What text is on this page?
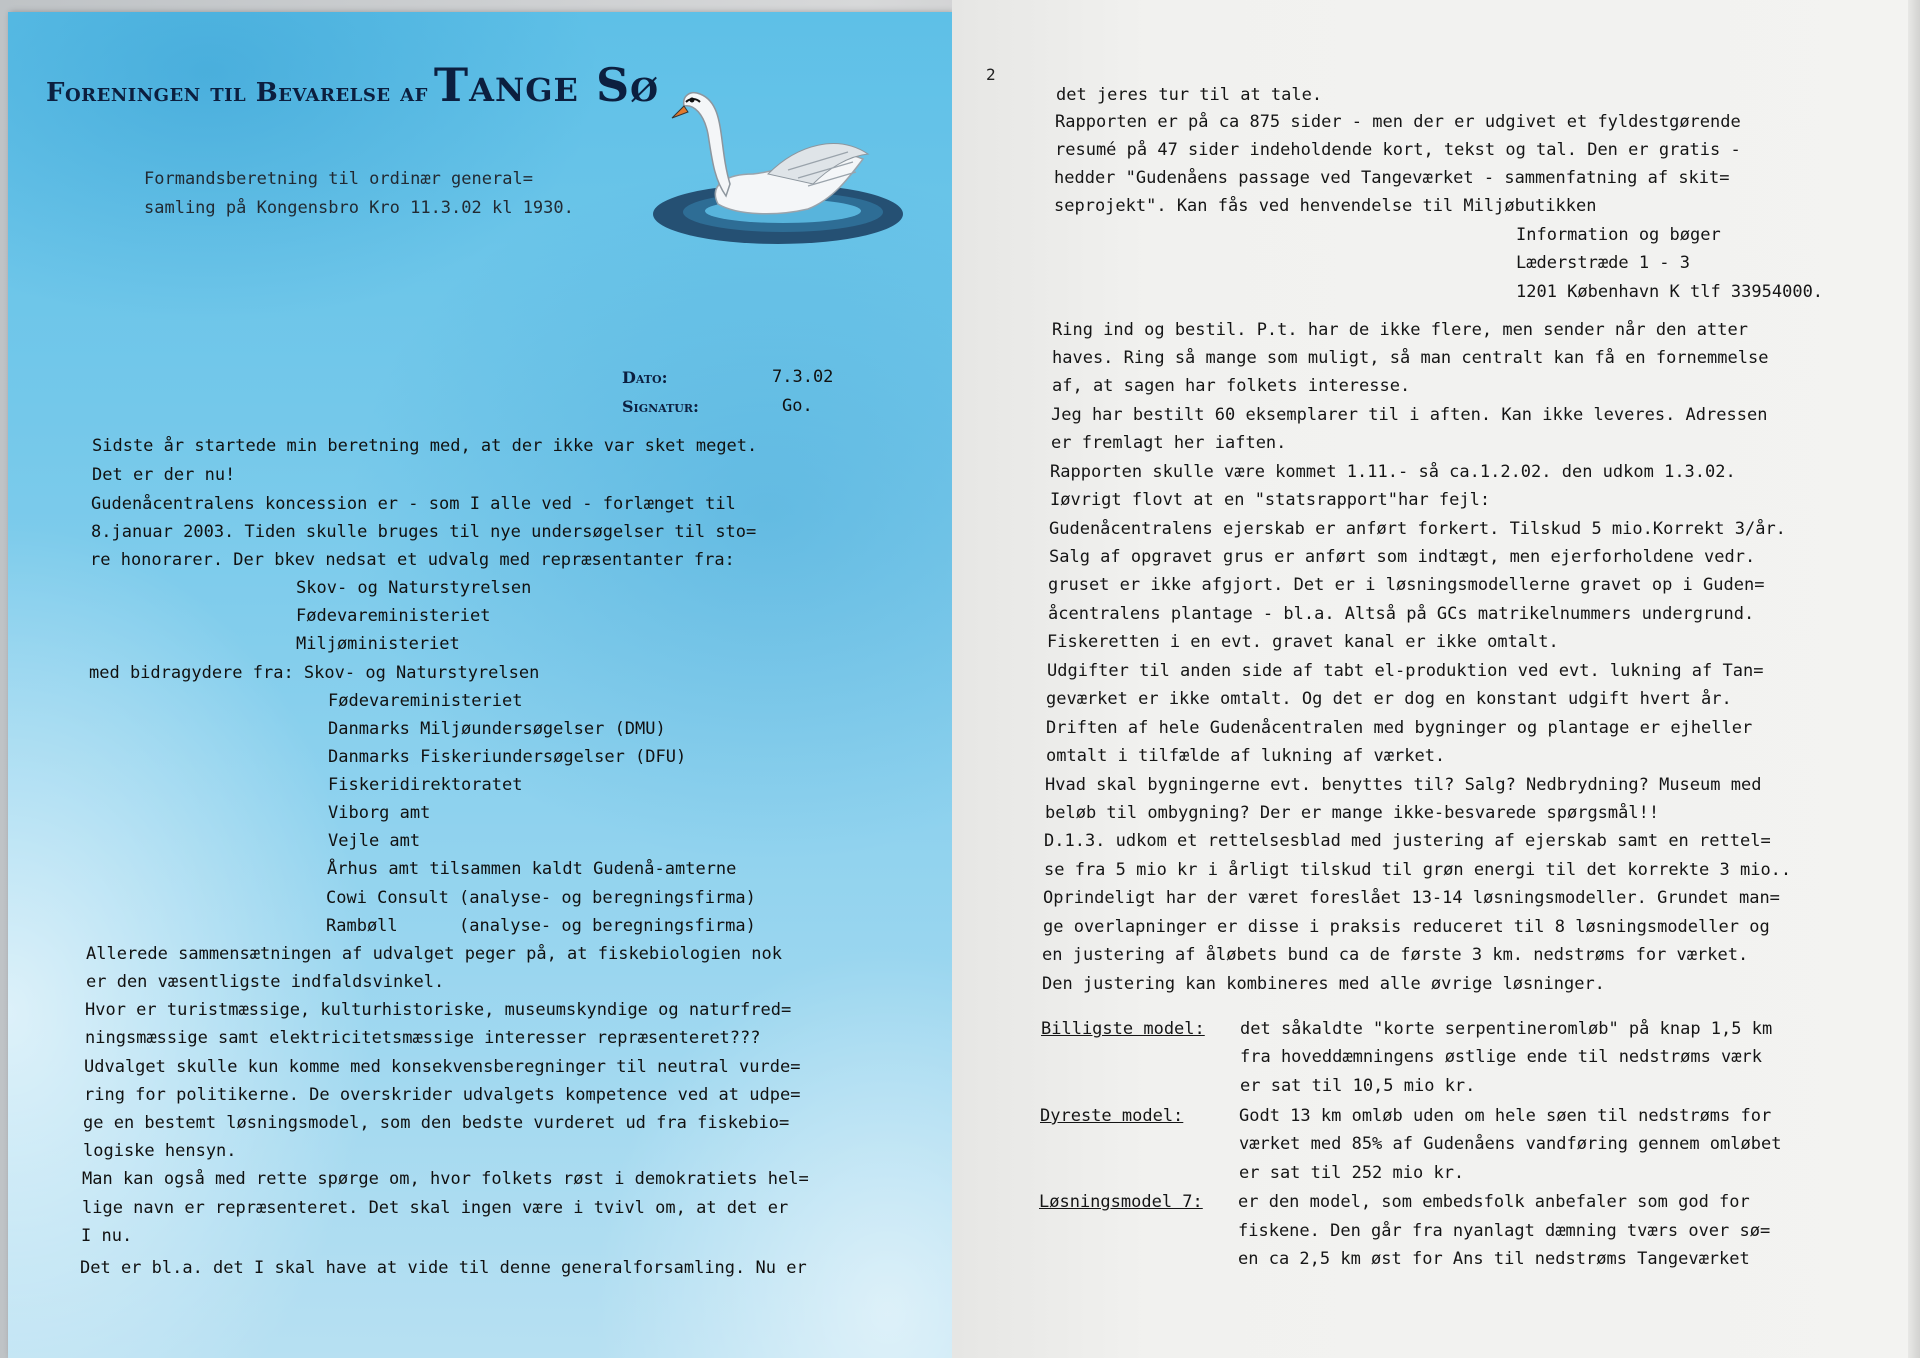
Foreningen til Bevarelse af Tange Sø
Formandsberetning til ordinær general=
samling på Kongensbro Kro 11.3.02 kl 1930.
Dato:	7.3.02
Signatur:	Go.
Sidste år startede min beretning med, at der ikke var sket meget.
Det er der nu!
Gudenåcentralens koncession er - som I alle ved - forlænget til
8.januar 2003. Tiden skulle bruges til nye undersøgelser til sto=
re honorarer. Der bkev nedsat et udvalg med repræsentanter fra:
Skov- og Naturstyrelsen
Fødevareministeriet
Miljøministeriet
med bidragydere fra: Skov- og Naturstyrelsen
Fødevareministeriet
Danmarks Miljøundersøgelser (DMU)
Danmarks Fiskeriundersøgelser (DFU)
Fiskeridirektoratet
Viborg amt
Vejle amt
Århus amt tilsammen kaldt Gudenå-amterne
Cowi Consult (analyse- og beregningsfirma)
Rambøll      (analyse- og beregningsfirma)
Allerede sammensætningen af udvalget peger på, at fiskebiologien nok
er den væsentligste indfaldsvinkel.
Hvor er turistmæssige, kulturhistoriske, museumskyndige og naturfred=
ningsmæssige samt elektricitetsmæssige interesser repræsenteret???
Udvalget skulle kun komme med konsekvensberegninger til neutral vurde=
ring for politikerne. De overskrider udvalgets kompetence ved at udpe=
ge en bestemt løsningsmodel, som den bedste vurderet ud fra fiskebio=
logiske hensyn.
Man kan også med rette spørge om, hvor folkets røst i demokratiets hel=
lige navn er repræsenteret. Det skal ingen være i tvivl om, at det er
I nu.
Det er bl.a. det I skal have at vide til denne generalforsamling. Nu er
2
det jeres tur til at tale.
Rapporten er på ca 875 sider - men der er udgivet et fyldestgørende
resumé på 47 sider indeholdende kort, tekst og tal. Den er gratis -
hedder "Gudenåens passage ved Tangeværket - sammenfatning af skit=
seprojekt". Kan fås ved henvendelse til Miljøbutikken
Information og bøger
Læderstræde 1 - 3
1201 København K tlf 33954000.
Ring ind og bestil. P.t. har de ikke flere, men sender når den atter
haves. Ring så mange som muligt, så man centralt kan få en fornemmelse
af, at sagen har folkets interesse.
Jeg har bestilt 60 eksemplarer til i aften. Kan ikke leveres. Adressen
er fremlagt her iaften.
Rapporten skulle være kommet 1.11.- så ca.1.2.02. den udkom 1.3.02.
Iøvrigt flovt at en "statsrapport"har fejl:
Gudenåcentralens ejerskab er anført forkert. Tilskud 5 mio.Korrekt 3/år.
Salg af opgravet grus er anført som indtægt, men ejerforholdene vedr.
gruset er ikke afgjort. Det er i løsningsmodellerne gravet op i Guden=
åcentralens plantage - bl.a. Altså på GCs matrikelnummers undergrund.
Fiskeretten i en evt. gravet kanal er ikke omtalt.
Udgifter til anden side af tabt el-produktion ved evt. lukning af Tan=
geværket er ikke omtalt. Og det er dog en konstant udgift hvert år.
Driften af hele Gudenåcentralen med bygninger og plantage er ejheller
omtalt i tilfælde af lukning af værket.
Hvad skal bygningerne evt. benyttes til? Salg? Nedbrydning? Museum med
beløb til ombygning? Der er mange ikke-besvarede spørgsmål!!
D.1.3. udkom et rettelsesblad med justering af ejerskab samt en rettel=
se fra 5 mio kr i årligt tilskud til grøn energi til det korrekte 3 mio..
Oprindeligt har der været foreslået 13-14 løsningsmodeller. Grundet man=
ge overlapninger er disse i praksis reduceret til 8 løsningsmodeller og
en justering af åløbets bund ca de første 3 km. nedstrøms for værket.
Den justering kan kombineres med alle øvrige løsninger.
Billigste model: det såkaldte "korte serpentineromløb" på knap 1,5 km
fra hoveddæmningens østlige ende til nedstrøms værk
er sat til 10,5 mio kr.
Dyreste model:	Godt 13 km omløb uden om hele søen til nedstrøms for
værket med 85% af Gudenåens vandføring gennem omløbet
er sat til 252 mio kr.
Løsningsmodel 7: er den model, som embedsfolk anbefaler som god for
fiskene. Den går fra nyanlagt dæmning tværs over sø=
en ca 2,5 km øst for Ans til nedstrøms Tangeværket
